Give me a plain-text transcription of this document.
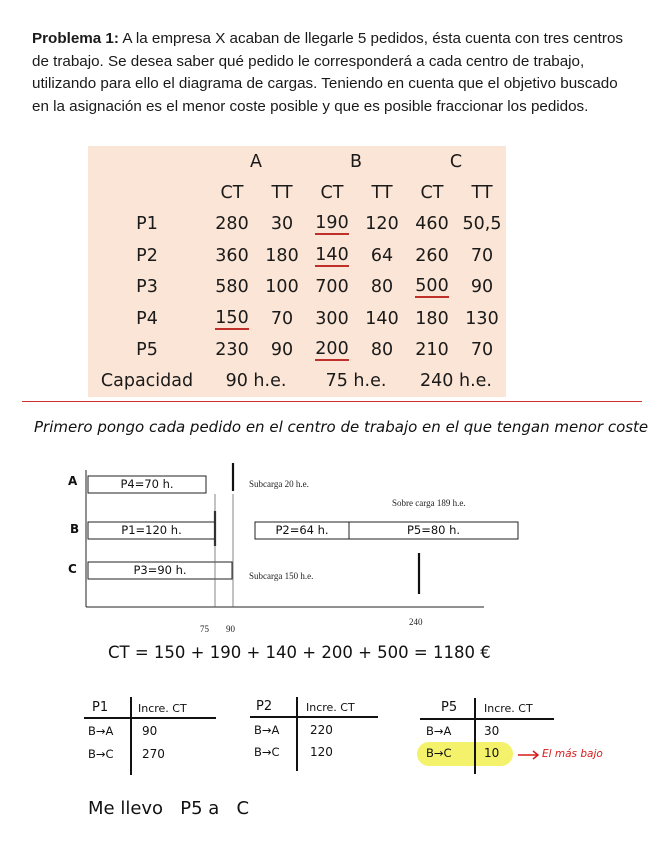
Problema 1: A la empresa X acaban de llegarle 5 pedidos, ésta cuenta con tres centros de trabajo. Se desea saber qué pedido le corresponderá a cada centro de trabajo, utilizando para ello el diagrama de cargas. Teniendo en cuenta que el objetivo buscado en la asignación es el menor coste posible y que es posible fraccionar los pedidos.
	A		B		C	
	CT	TT	CT	TT	CT	TT
P1	280	30	190	120	460	50,5
P2	360	180	140	64	260	70
P3	580	100	700	80	500	90
P4	150	70	300	140	180	130
P5	230	90	200	80	210	70
Capacidad	90 h.e.		75 h.e.		240 h.e.	
Primero pongo cada pedido en el centro de trabajo en el que tengan menor coste
A
B
C
P4=70 h.
P1=120 h.	P2=64 h.	P5=80 h.
P3=90 h.
Subcarga 20 h.e.
Sobre carga 189 h.e.
Subcarga 150 h.e.
75 90
240
CT = 150 + 190 + 140 + 200 + 500 = 1180 €
P1	Incre. CT
B→A 90
B→C 270
P2	Incre. CT
B→A	220
B→C	120
P5 Incre. CT
B→A	30
B→C	10	El más bajo
Me llevo   P5 a   C
